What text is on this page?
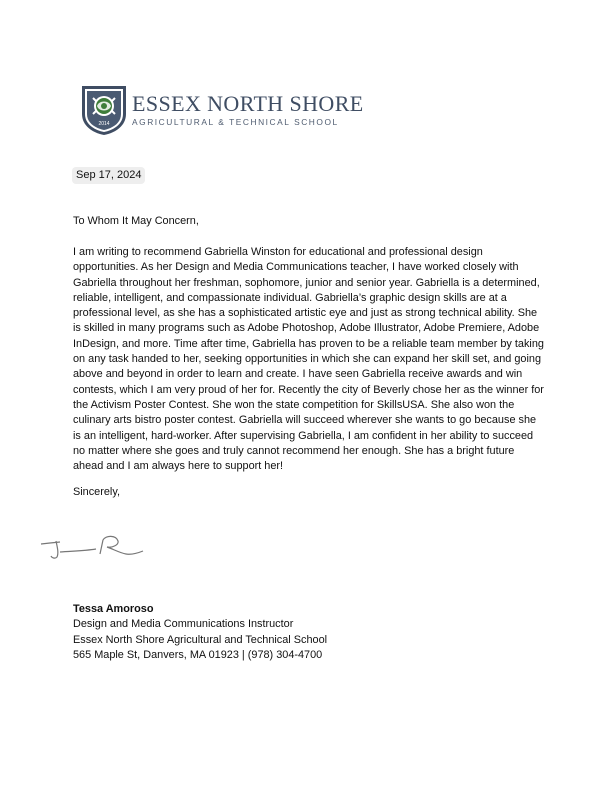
2014
ESSEX NORTH SHORE
AGRICULTURAL & TECHNICAL SCHOOL
Sep 17, 2024
To Whom It May Concern,
I am writing to recommend Gabriella Winston for educational and professional design opportunities. As her Design and Media Communications teacher, I have worked closely with Gabriella throughout her freshman, sophomore, junior and senior year. Gabriella is a determined, reliable, intelligent, and compassionate individual. Gabriella’s graphic design skills are at a professional level, as she has a sophisticated artistic eye and just as strong technical ability. She is skilled in many programs such as Adobe Photoshop, Adobe Illustrator, Adobe Premiere, Adobe InDesign, and more. Time after time, Gabriella has proven to be a reliable team member by taking on any task handed to her, seeking opportunities in which she can expand her skill set, and going above and beyond in order to learn and create. I have seen Gabriella receive awards and win contests, which I am very proud of her for. Recently the city of Beverly chose her as the winner for the Activism Poster Contest. She won the state competition for SkillsUSA. She also won the culinary arts bistro poster contest. Gabriella will succeed wherever she wants to go because she is an intelligent, hard-worker. After supervising Gabriella, I am confident in her ability to succeed no matter where she goes and truly cannot recommend her enough. She has a bright future ahead and I am always here to support her!
Sincerely,
Tessa Amoroso
Design and Media Communications Instructor
Essex North Shore Agricultural and Technical School
565 Maple St, Danvers, MA 01923 | (978) 304-4700
